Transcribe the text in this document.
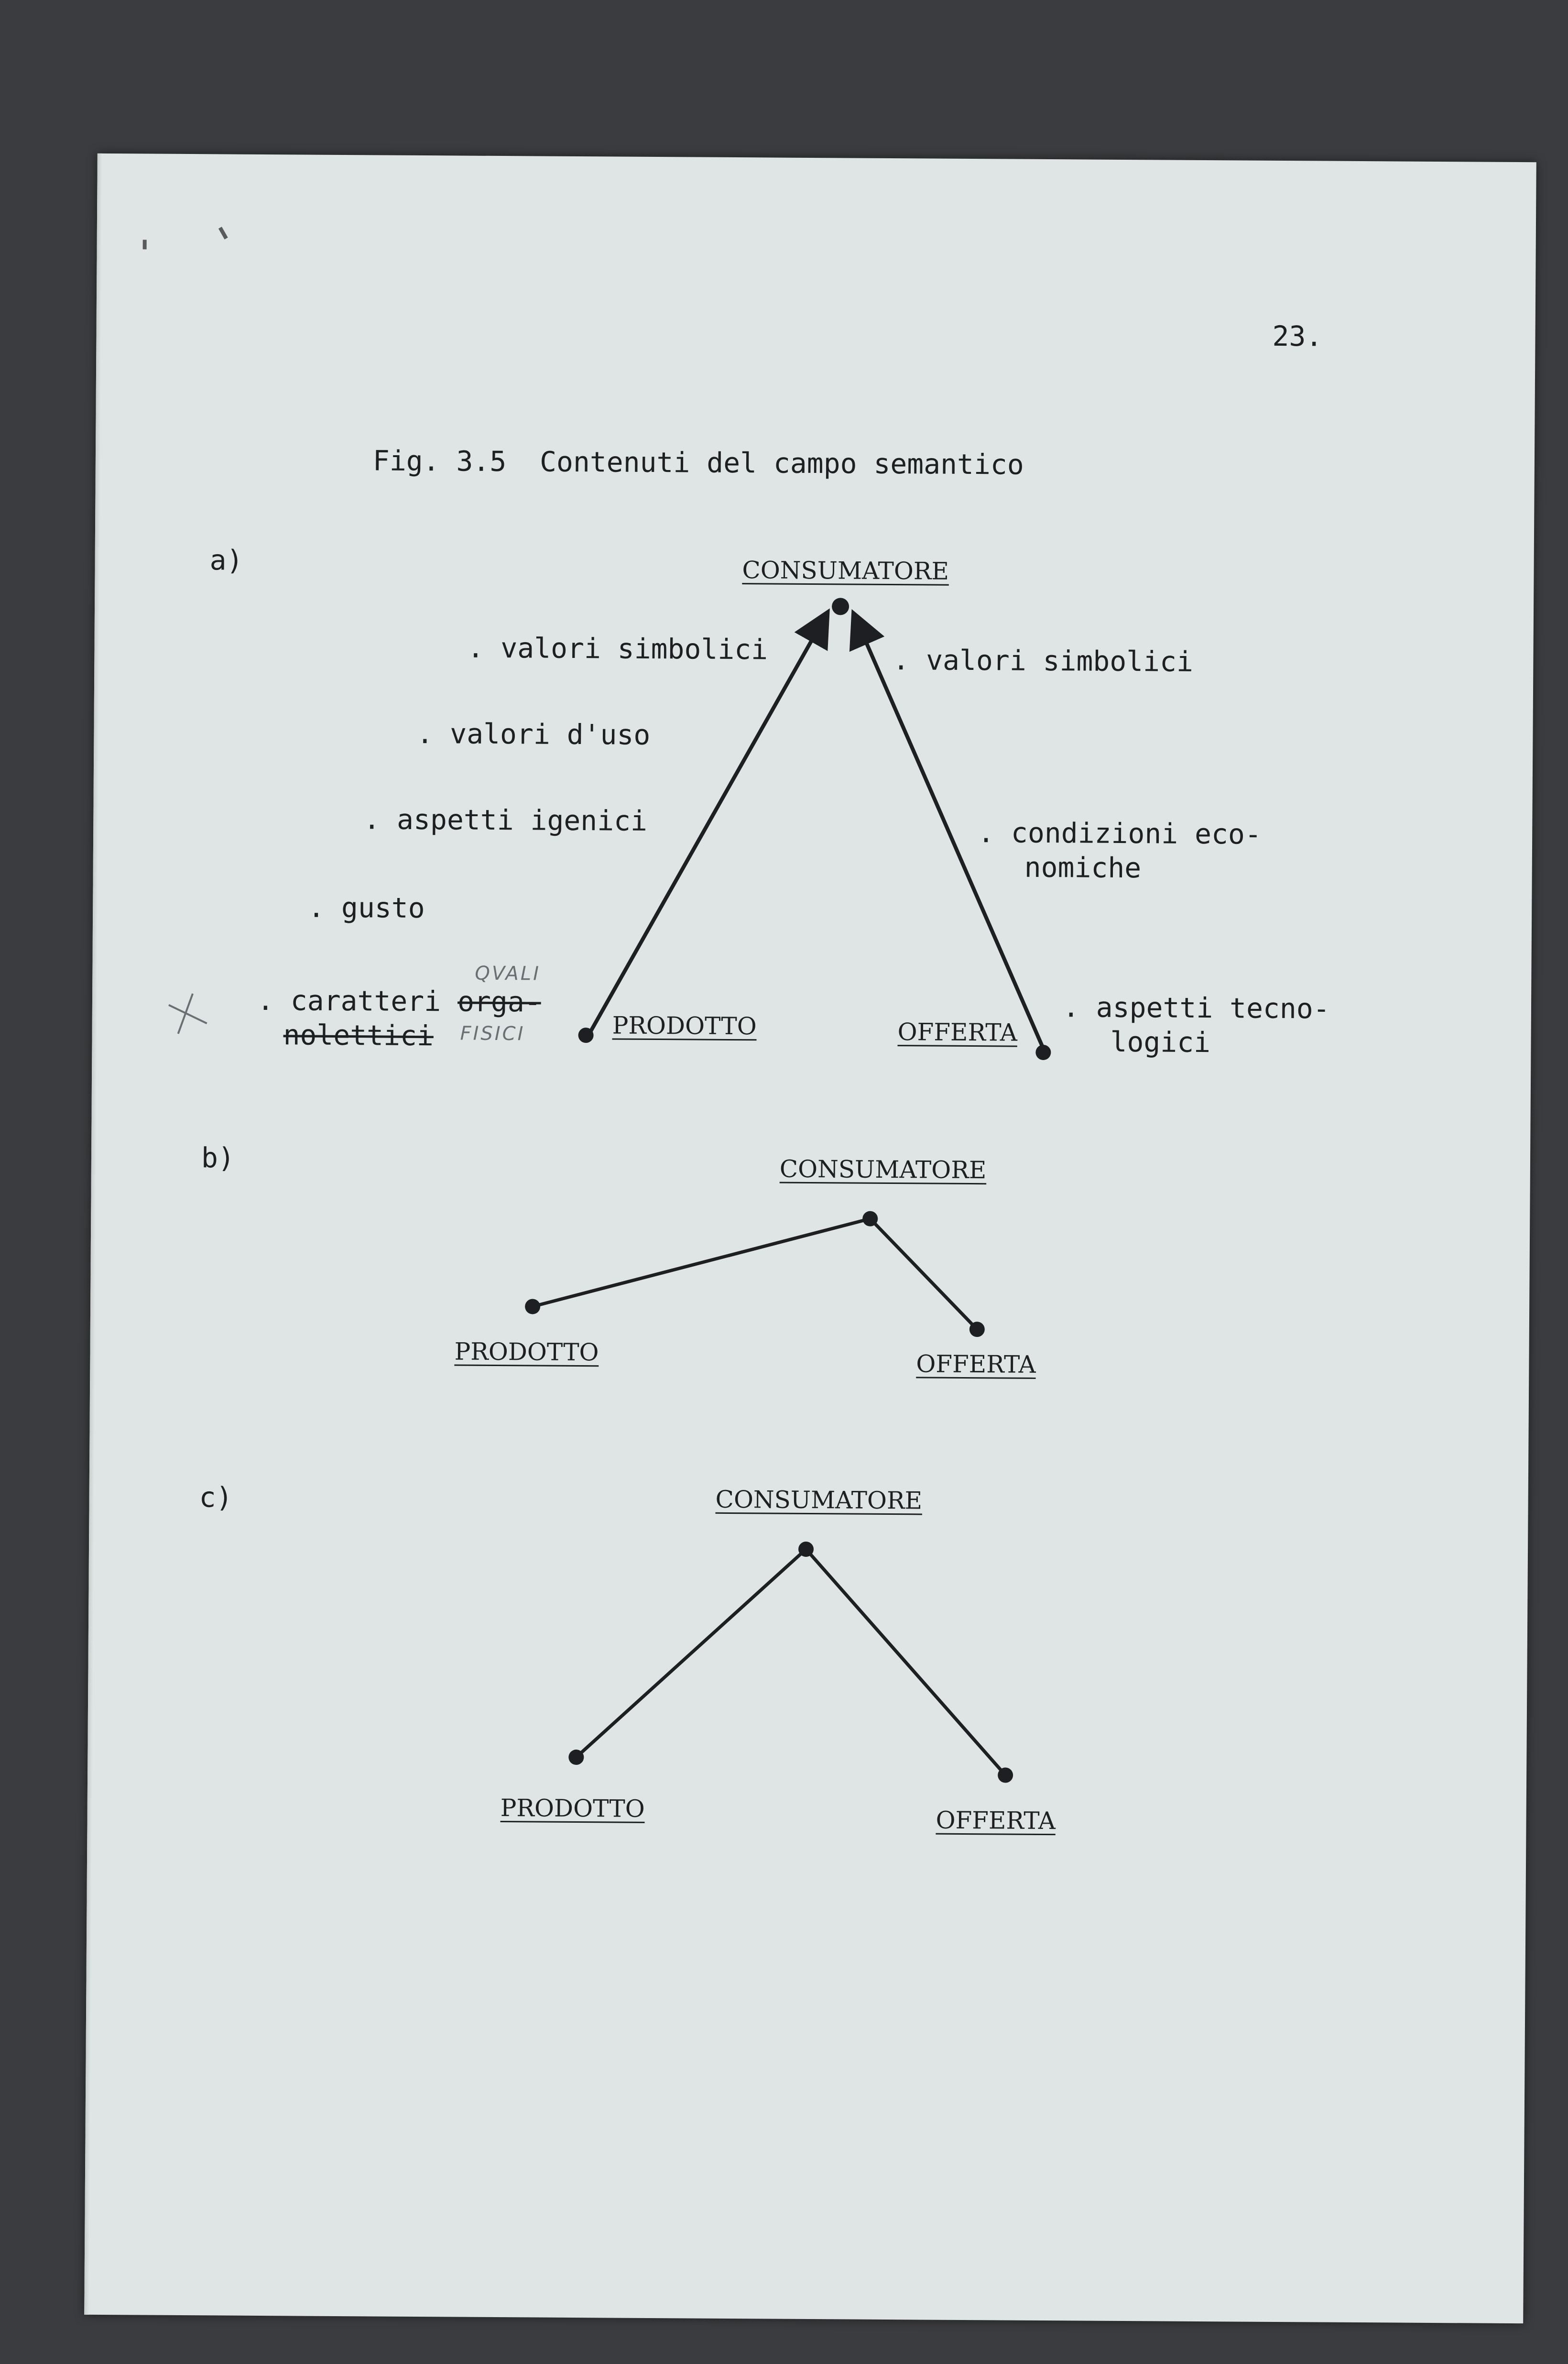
23.
Fig. 3.5  Contenuti del campo semantico
a)	CONSUMATORE
. valori simbolici
. valori d'uso
. aspetti igenici
. gusto
QVALI
. caratteri orga-
nolettici FISICI	PRODOTTO	OFFERTA
. valori simbolici
. condizioni eco-
nomiche
. aspetti tecno-
logici
b)	CONSUMATORE
PRODOTTO	OFFERTA
c)	CONSUMATORE
PRODOTTO	OFFERTA
